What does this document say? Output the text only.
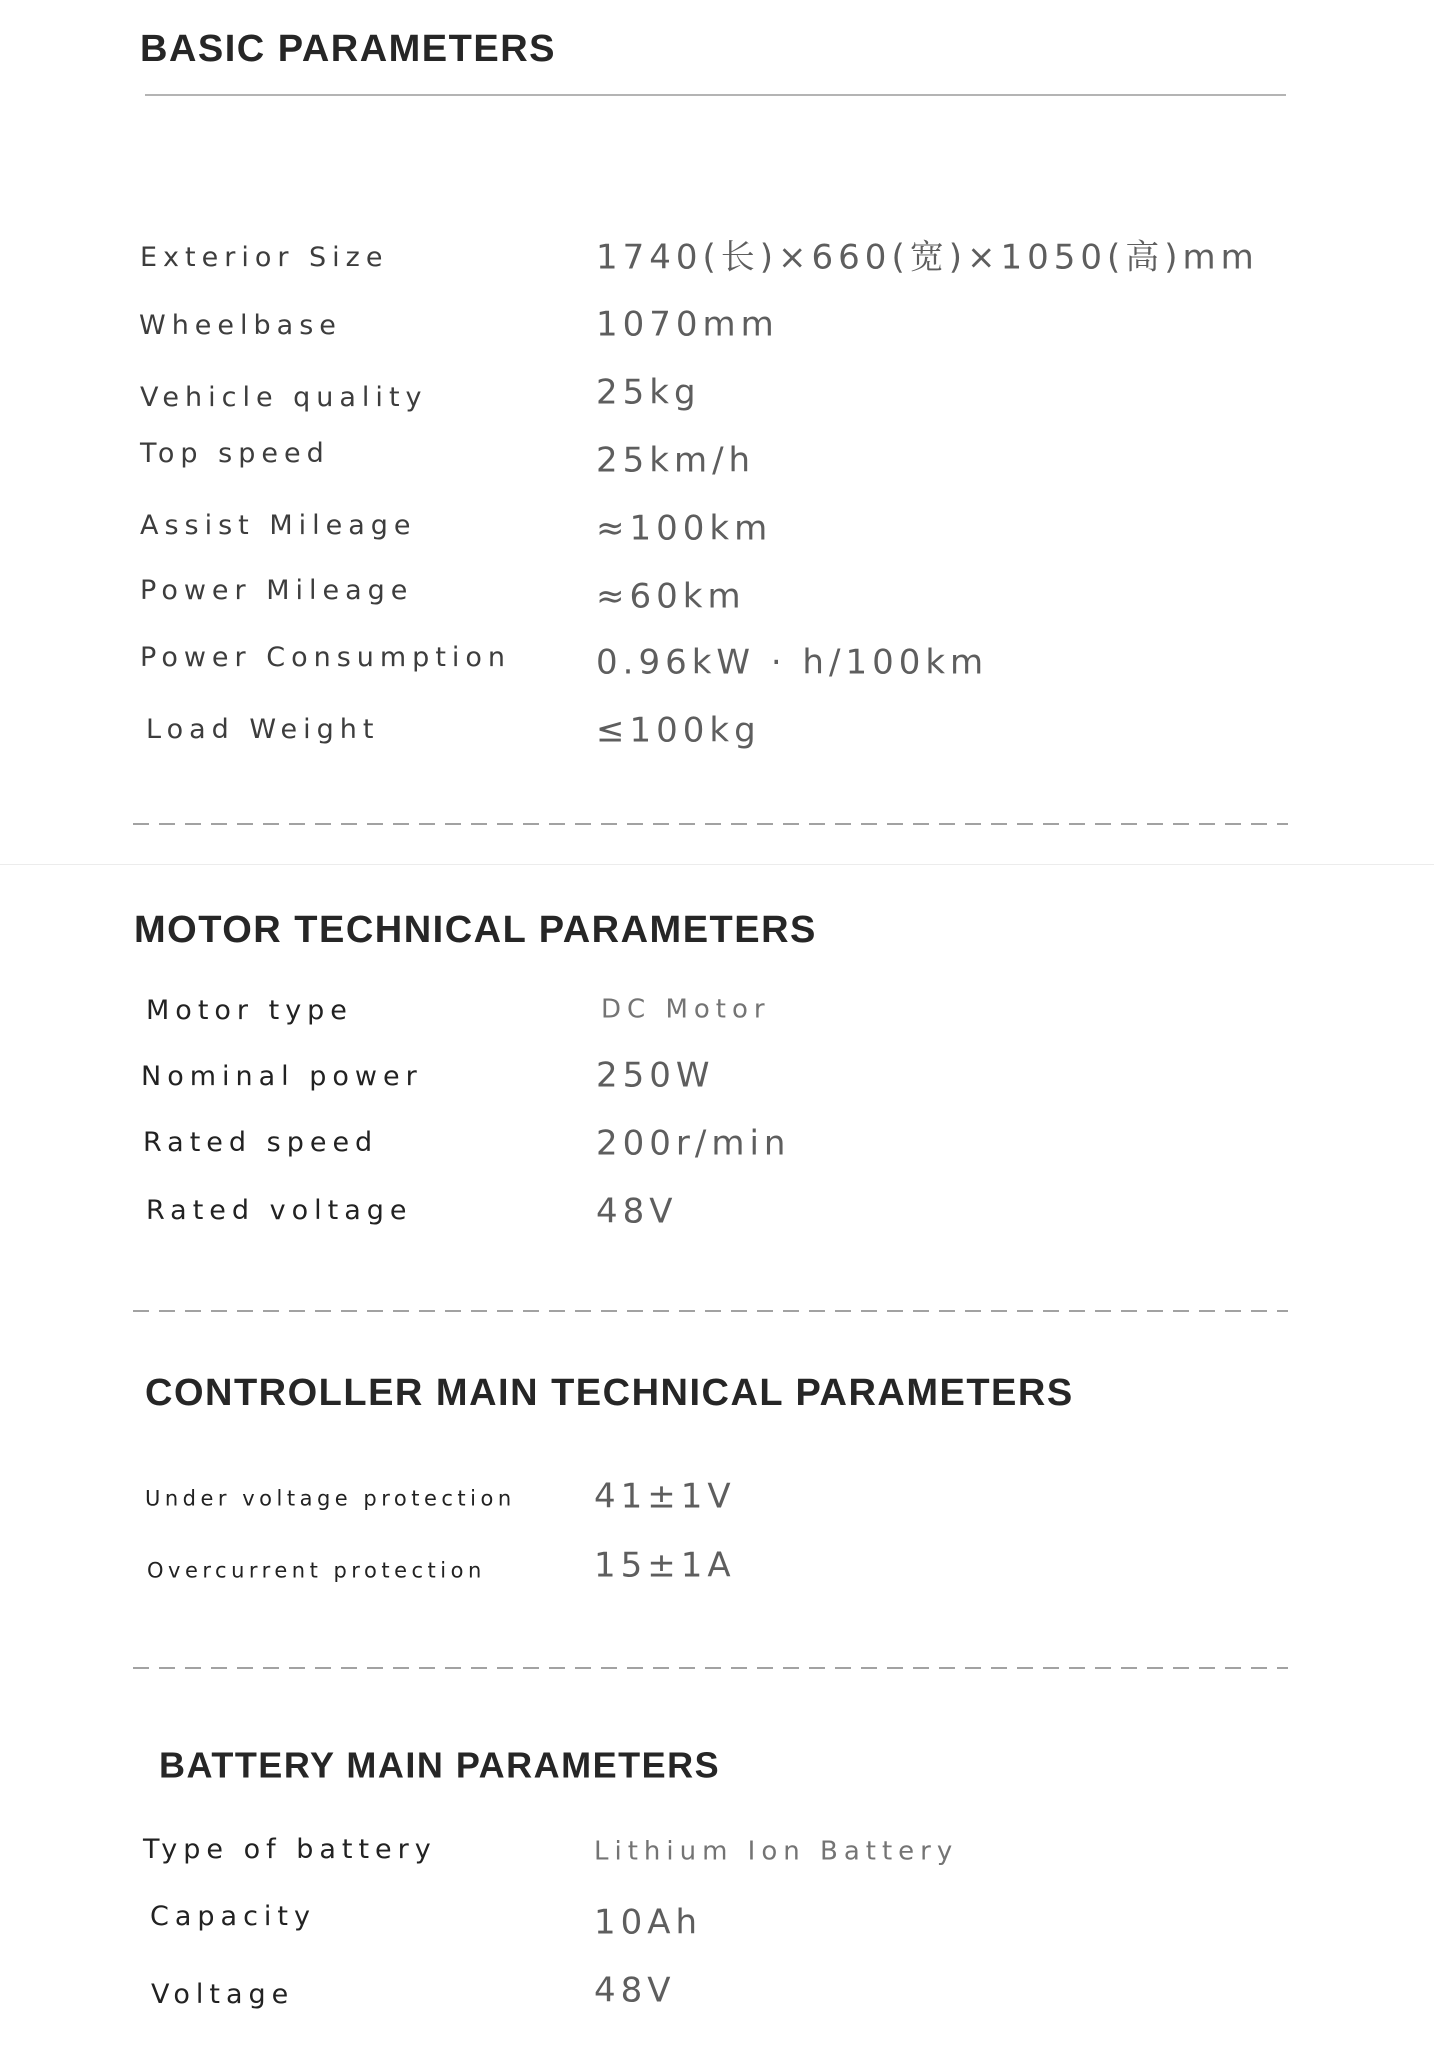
BASIC PARAMETERS
Exterior Size	1740(长)×660(宽)×1050(高)mm
Wheelbase	1070mm
Vehicle quality	25kg
Top speed	25km/h
Assist Mileage	≈100km
Power Mileage	≈60km
Power Consumption 0.96kW · h/100km
Load Weight	≤100kg
MOTOR TECHNICAL PARAMETERS
Motor type	DC Motor
Nominal power	250W
Rated speed	200r/min
Rated voltage	48V
CONTROLLER MAIN TECHNICAL PARAMETERS
Under voltage protection 41±1V
Overcurrent protection	15±1A
BATTERY MAIN PARAMETERS
Type of battery	Lithium Ion Battery
Capacity	10Ah
Voltage	48V
